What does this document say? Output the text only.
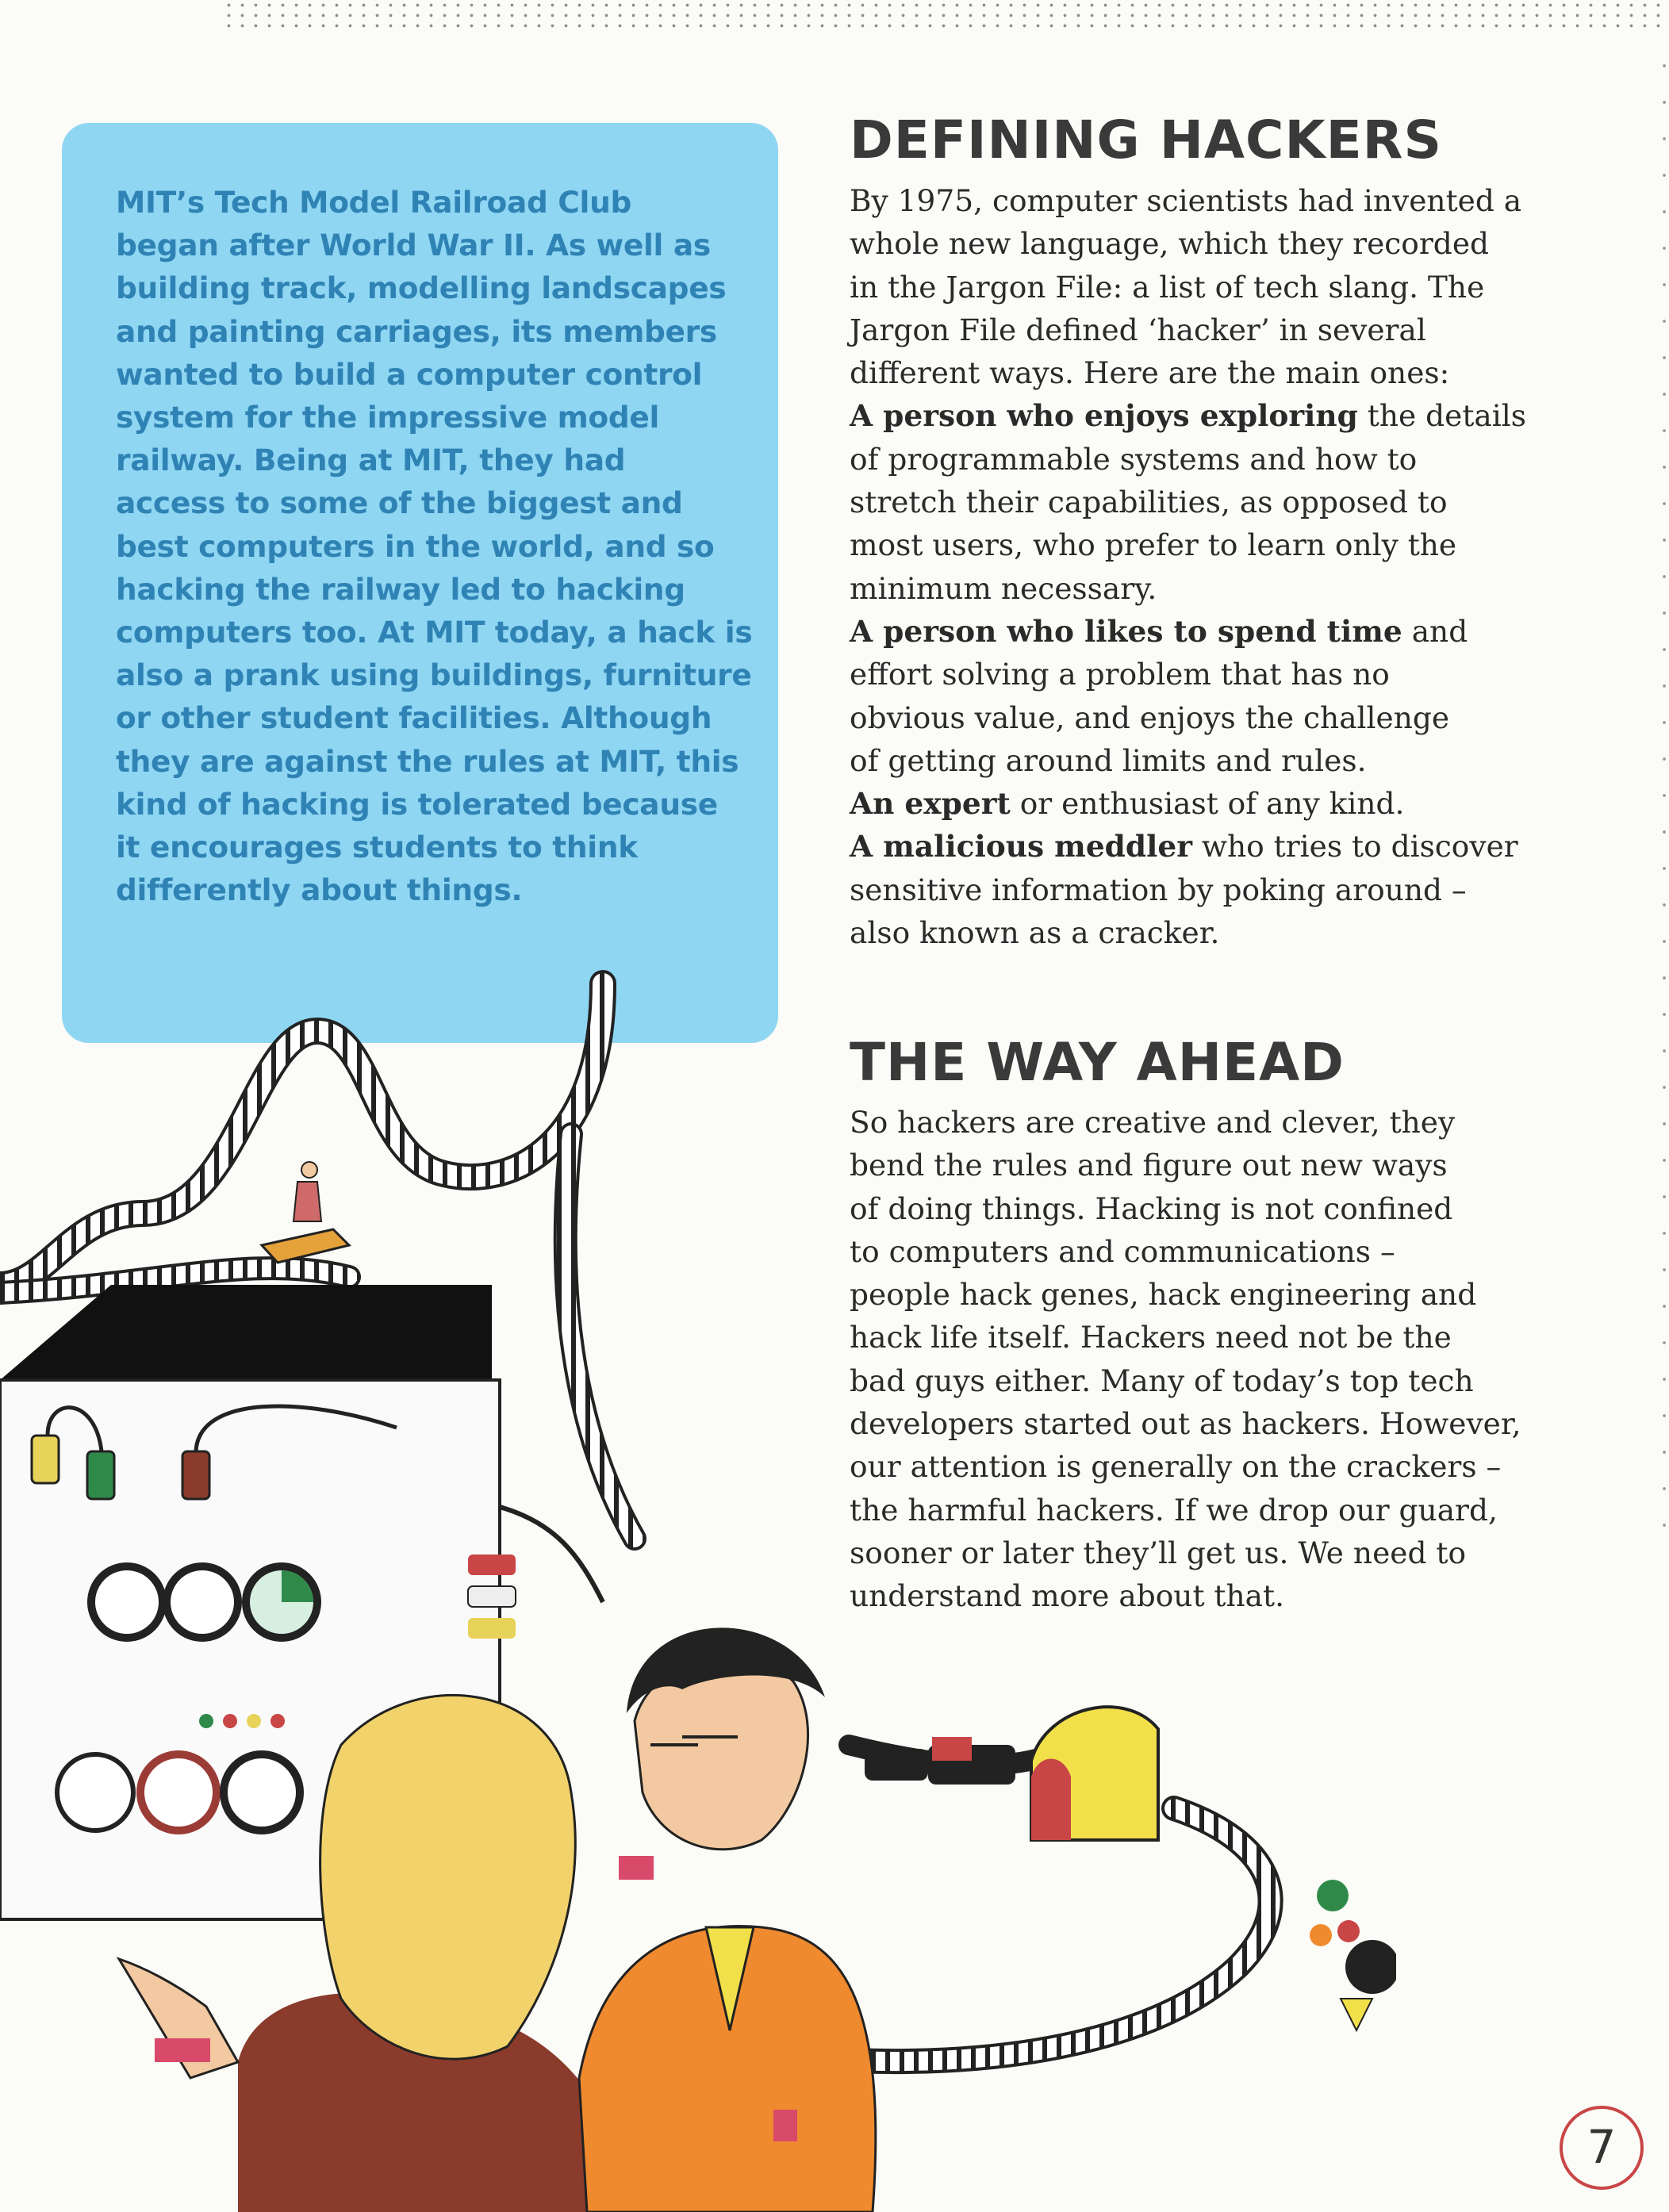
MIT’s Tech Model Railroad Club

began after World War II. As well as

building track, modelling landscapes

and painting carriages, its members

wanted to build a computer control

system for the impressive model

railway. Being at MIT, they had

access to some of the biggest and

best computers in the world, and so

hacking the railway led to hacking

computers too. At MIT today, a hack is

also a prank using buildings, furniture

or other student facilities. Although

they are against the rules at MIT, this

kind of hacking is tolerated because

it encourages students to think

differently about things.

DEFINING HACKERS

By 1975, computer scientists had invented a

whole new language, which they recorded

in the Jargon File: a list of tech slang. The

Jargon File defined ‘hacker’ in several

different ways. Here are the main ones:

A person who enjoys exploring the details

of programmable systems and how to

stretch their capabilities, as opposed to

most users, who prefer to learn only the

minimum necessary.

A person who likes to spend time and

effort solving a problem that has no

obvious value, and enjoys the challenge

of getting around limits and rules.

An expert or enthusiast of any kind.

A malicious meddler who tries to discover

sensitive information by poking around –

also known as a cracker.

THE WAY AHEAD

So hackers are creative and clever, they

bend the rules and figure out new ways

of doing things. Hacking is not confined

to computers and communications –

people hack genes, hack engineering and

hack life itself. Hackers need not be the

bad guys either. Many of today’s top tech

developers started out as hackers. However,

our attention is generally on the crackers –

the harmful hackers. If we drop our guard,

sooner or later they’ll get us. We need to

understand more about that.

7
